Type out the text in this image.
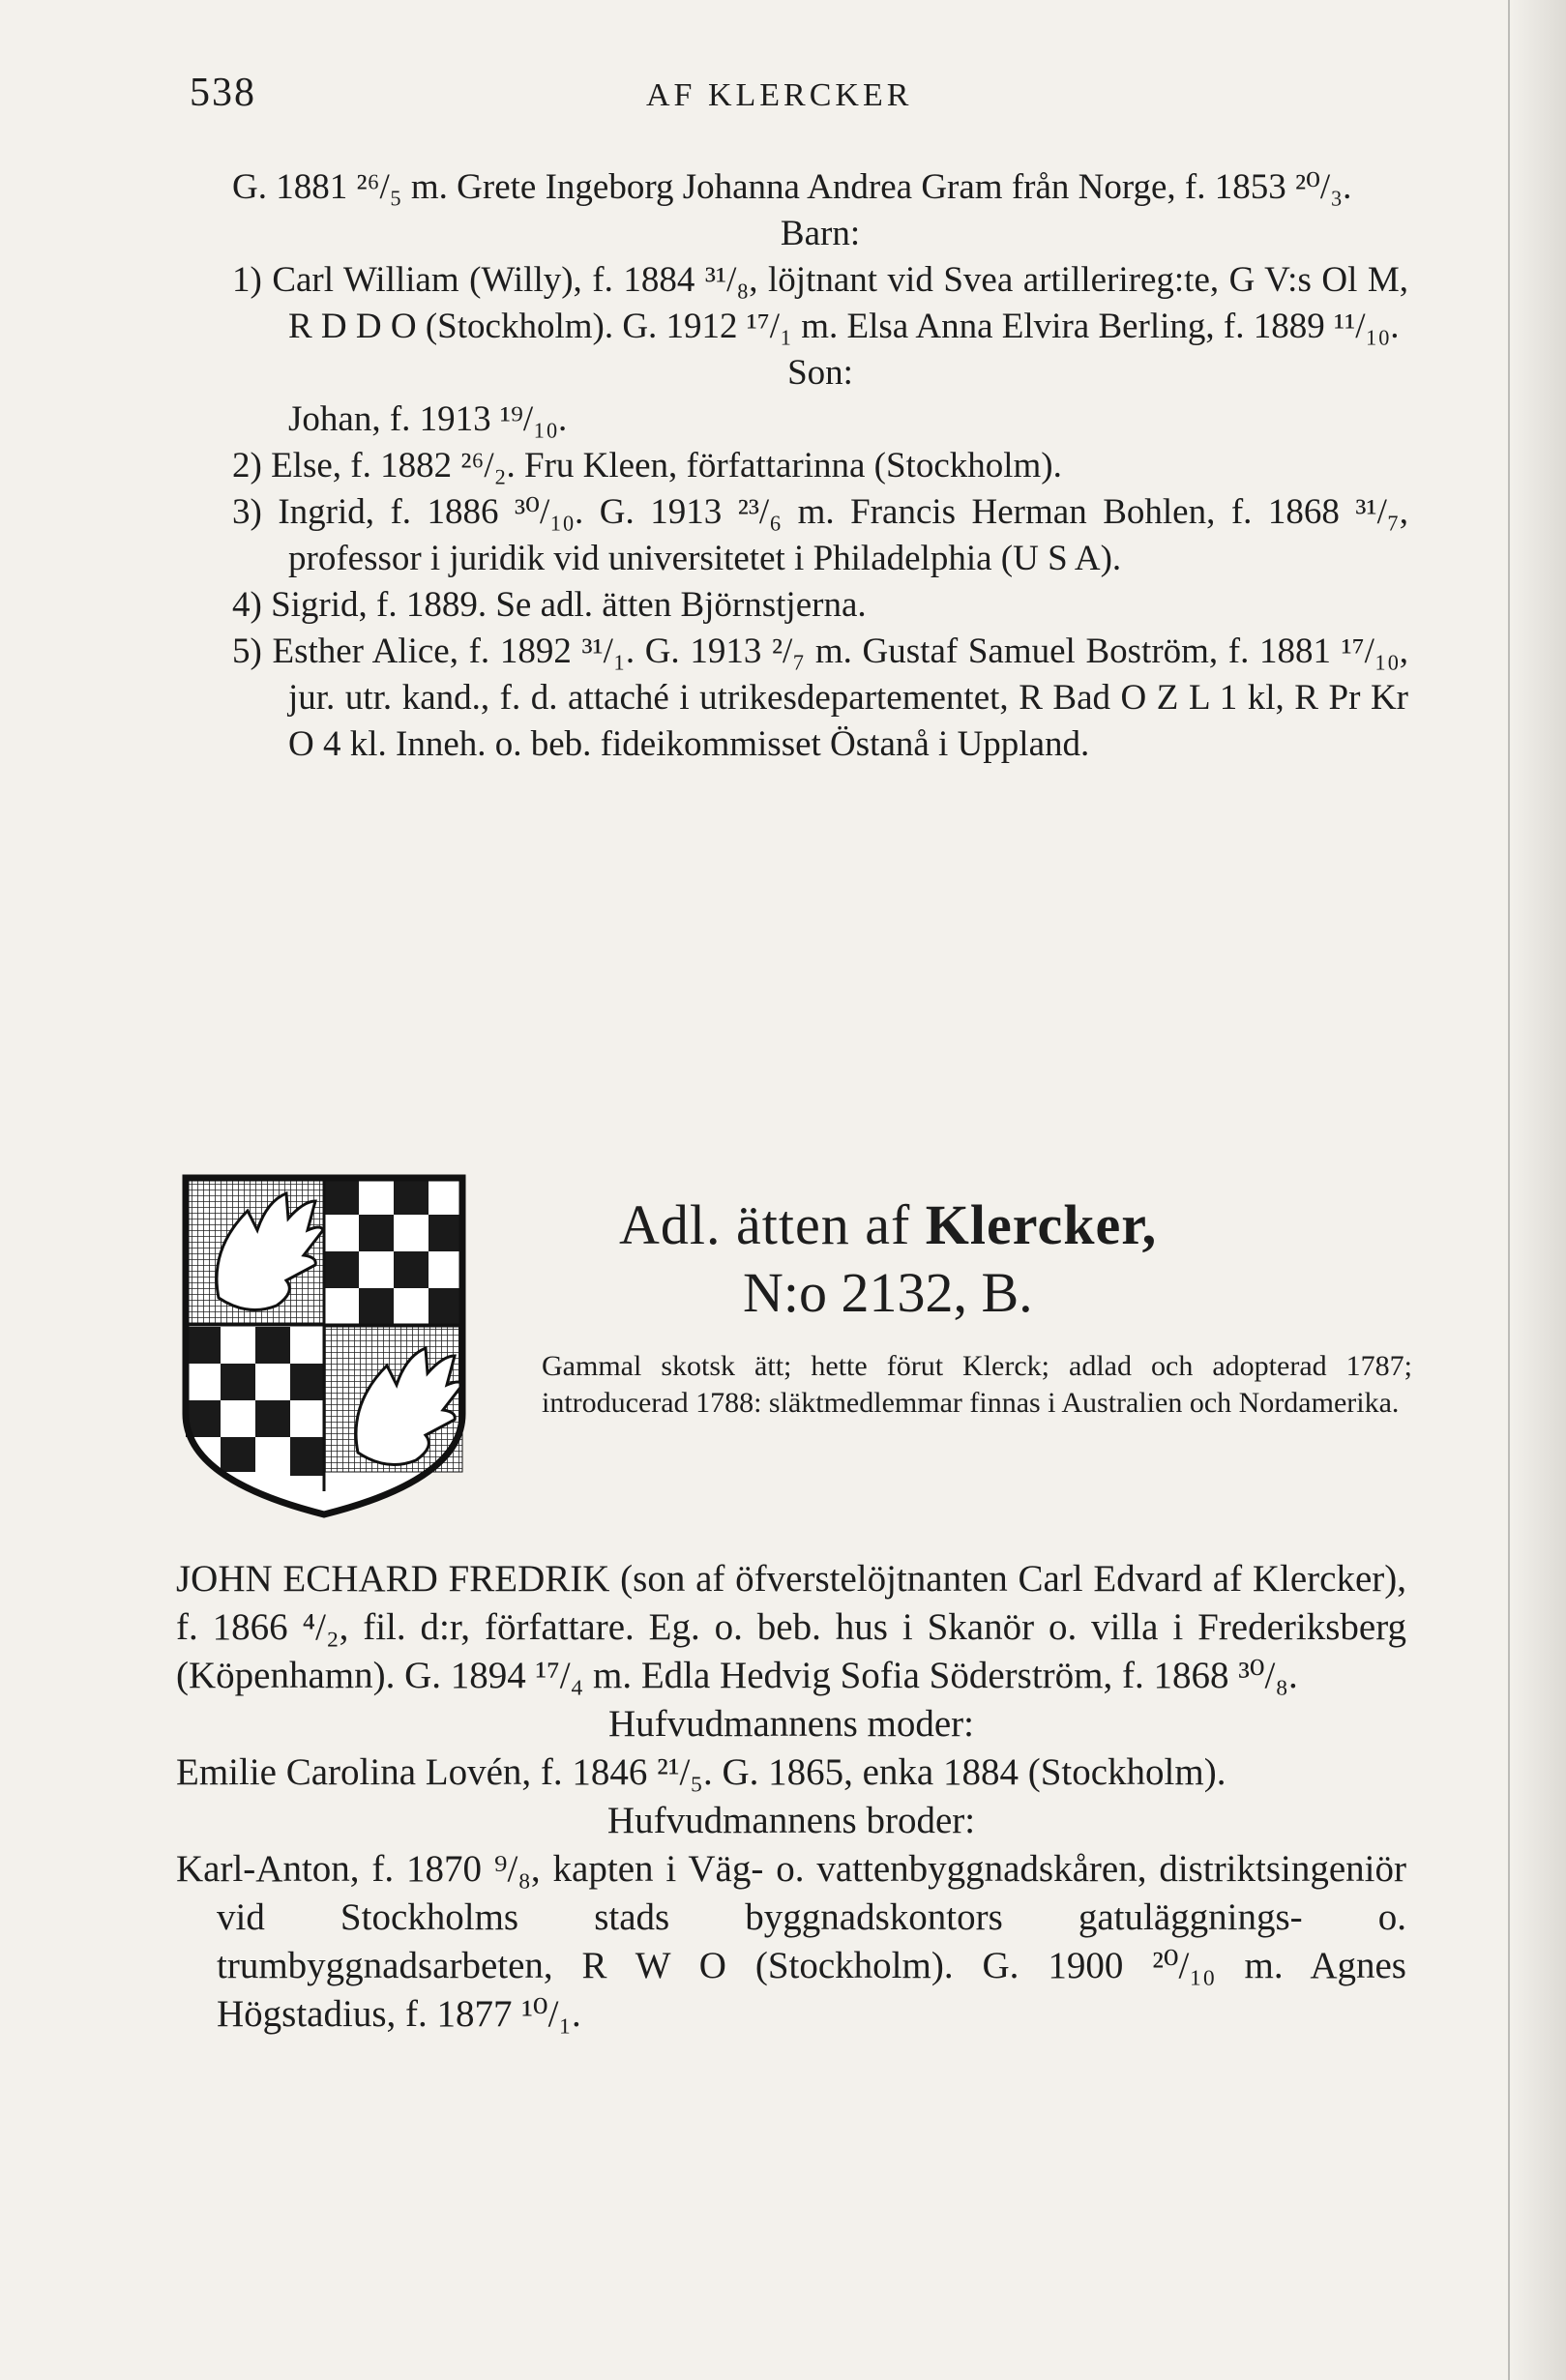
538	AF KLERCKER

G. 1881 ²⁶/₅ m. Grete Ingeborg Johanna Andrea Gram från Norge, f. 1853 ²⁰/₃.

Barn:

1) Carl William (Willy), f. 1884 ³¹/₈, löjtnant vid Svea artillerireg:te, G V:s Ol M, R D D O (Stockholm). G. 1912 ¹⁷/₁ m. Elsa Anna Elvira Berling, f. 1889 ¹¹/₁₀.

Son:

Johan, f. 1913 ¹⁹/₁₀.

2) Else, f. 1882 ²⁶/₂. Fru Kleen, författarinna (Stockholm).

3) Ingrid, f. 1886 ³⁰/₁₀. G. 1913 ²³/₆ m. Francis Herman Bohlen, f. 1868 ³¹/₇, professor i juridik vid universitetet i Philadelphia (U S A).

4) Sigrid, f. 1889. Se adl. ätten Björnstjerna.

5) Esther Alice, f. 1892 ³¹/₁. G. 1913 ²/₇ m. Gustaf Samuel Boström, f. 1881 ¹⁷/₁₀, jur. utr. kand., f. d. attaché i utrikesdepartementet, R Bad O Z L 1 kl, R Pr Kr O 4 kl. Inneh. o. beb. fideikommisset Östanå i Uppland.

Adl. ätten af Klercker,

N:o 2132, B.

Gammal skotsk ätt; hette förut Klerck; adlad och adopterad 1787; introducerad 1788: släktmedlemmar finnas i Australien och Nordamerika.

JOHN ECHARD FREDRIK (son af öfverstelöjtnanten Carl Edvard af Klercker), f. 1866 ⁴/₂, fil. d:r, författare. Eg. o. beb. hus i Skanör o. villa i Frederiksberg (Köpenhamn). G. 1894 ¹⁷/₄ m. Edla Hedvig Sofia Söderström, f. 1868 ³⁰/₈.

Hufvudmannens moder:

Emilie Carolina Lovén, f. 1846 ²¹/₅. G. 1865, enka 1884 (Stockholm).

Hufvudmannens broder:

Karl-Anton, f. 1870 ⁹/₈, kapten i Väg- o. vattenbyggnadskåren, distriktsingeniör vid Stockholms stads byggnadskontors gatuläggnings- o. trumbyggnadsarbeten, R W O (Stockholm). G. 1900 ²⁰/₁₀ m. Agnes Högstadius, f. 1877 ¹⁰/₁.
